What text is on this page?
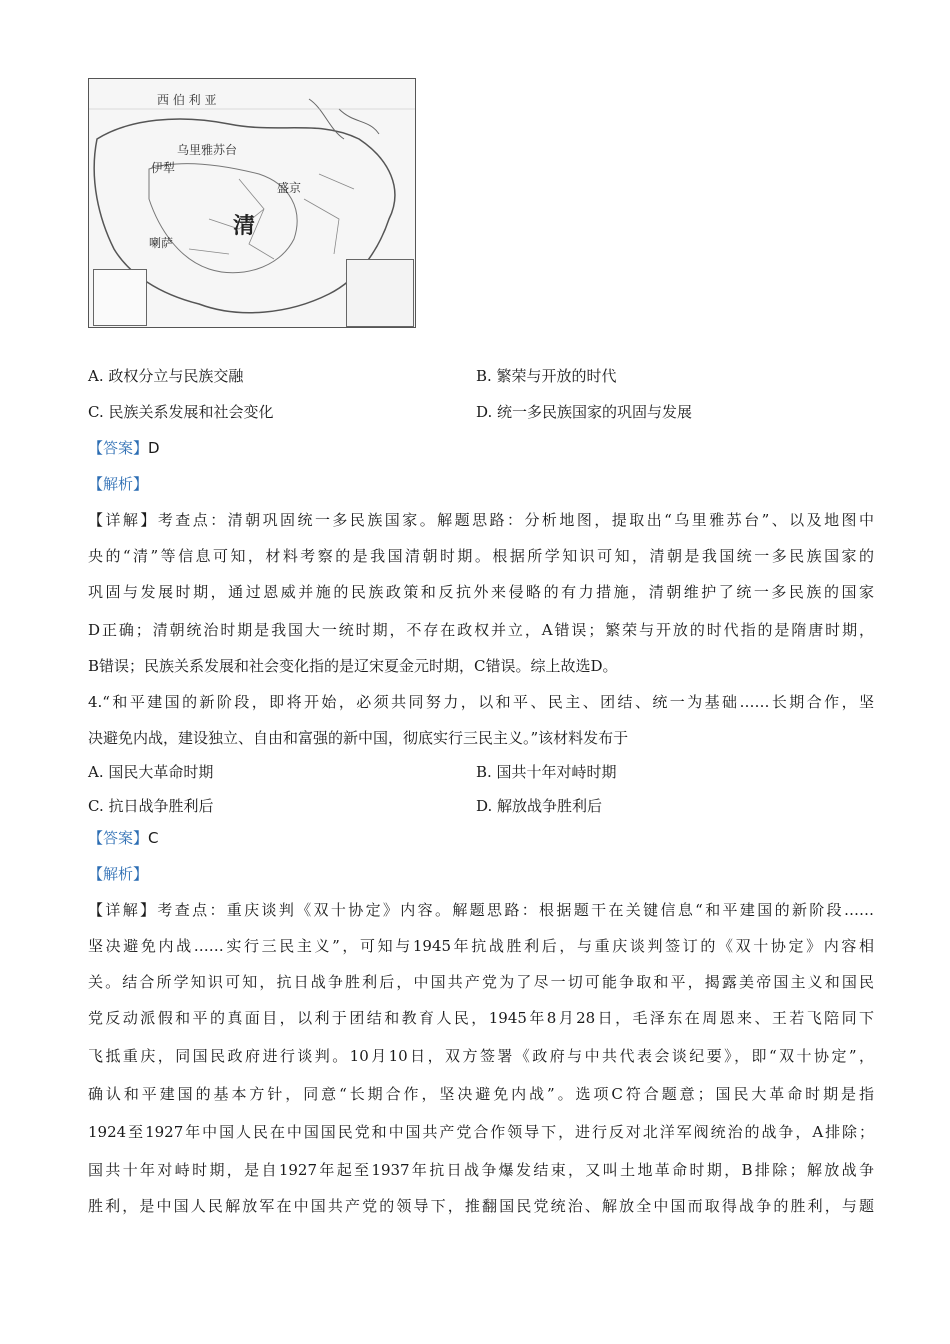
西 伯 利 亚
乌里雅苏台
伊犁
盛京
清
喇萨
A. 政权分立与民族交融	B. 繁荣与开放的时代
C. 民族关系发展和社会变化	D. 统一多民族国家的巩固与发展
【答案】D
【解析】
【详解】考查点：清朝巩固统一多民族国家。解题思路：分析地图，提取出“乌里雅苏台”、以及地图中
央的“清”等信息可知，材料考察的是我国清朝时期。根据所学知识可知，清朝是我国统一多民族国家的
巩固与发展时期，通过恩威并施的民族政策和反抗外来侵略的有力措施，清朝维护了统一多民族的国家
D正确；清朝统治时期是我国大一统时期，不存在政权并立，A错误；繁荣与开放的时代指的是隋唐时期，
B错误；民族关系发展和社会变化指的是辽宋夏金元时期，C错误。综上故选D。
4.“和平建国的新阶段，即将开始，必须共同努力，以和平、民主、团结、统一为基础……长期合作，坚
决避免内战，建设独立、自由和富强的新中国，彻底实行三民主义。”该材料发布于
A. 国民大革命时期	B. 国共十年对峙时期
C. 抗日战争胜利后	D. 解放战争胜利后
【答案】C
【解析】
【详解】考查点：重庆谈判《双十协定》内容。解题思路：根据题干在关键信息“和平建国的新阶段……
坚决避免内战……实行三民主义”，可知与1945年抗战胜利后，与重庆谈判签订的《双十协定》内容相
关。结合所学知识可知，抗日战争胜利后，中国共产党为了尽一切可能争取和平，揭露美帝国主义和国民
党反动派假和平的真面目，以利于团结和教育人民，1945年8月28日，毛泽东在周恩来、王若飞陪同下
飞抵重庆，同国民政府进行谈判。10月10日，双方签署《政府与中共代表会谈纪要》，即“双十协定”，
确认和平建国的基本方针，同意“长期合作，坚决避免内战”。选项C符合题意；国民大革命时期是指
1924至1927年中国人民在中国国民党和中国共产党合作领导下，进行反对北洋军阀统治的战争，A排除；
国共十年对峙时期，是自1927年起至1937年抗日战争爆发结束，又叫土地革命时期，B排除；解放战争
胜利，是中国人民解放军在中国共产党的领导下，推翻国民党统治、解放全中国而取得战争的胜利，与题
